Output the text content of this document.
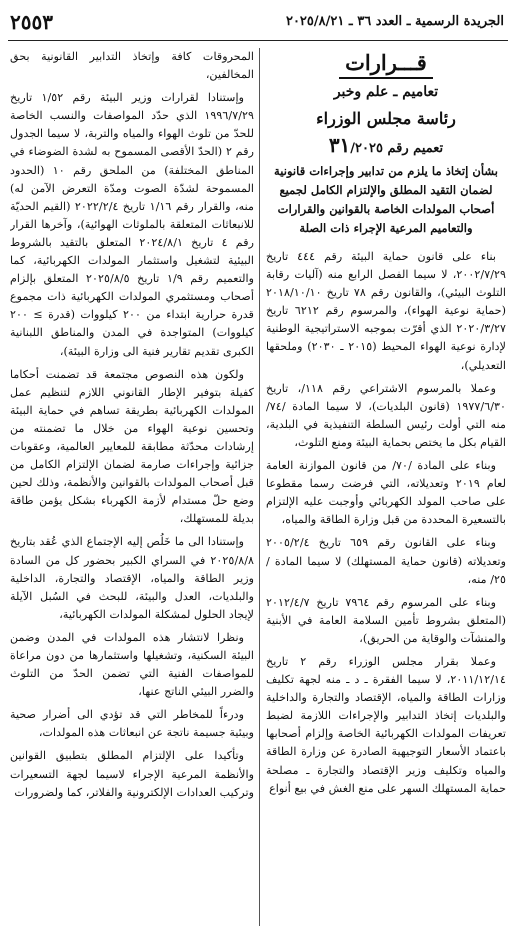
الجريدة الرسمية ـ العدد ٣٦ ـ ٢٠٢٥/٨/٢١
٢٥٥٣
قـــرارات
تعاميم ـ علم وخبر
رئاسة مجلس الوزراء
تعميم رقم ٣١/٢٠٢٥
بشأن إتخاذ ما يلزم من تدابير وإجراءات قانونية لضمان التقيد المطلق والإلتزام الكامل لجميع أصحاب المولدات الخاصة بالقوانين والقرارات والتعاميم المرعية الإجراء ذات الصلة

بناء على قانون حماية البيئة رقم ٤٤٤ تاريخ ٢٠٠٢/٧/٢٩، لا سيما الفصل الرابع منه (آليات رقابة التلوث البيئي)، والقانون رقم ٧٨ تاريخ ٢٠١٨/١٠/١٠ (حماية نوعية الهواء)، والمرسوم رقم ٦٢١٢ تاريخ ٢٠٢٠/٣/٢٧ الذي أقرّت بموجبه الاستراتيجية الوطنية لإدارة نوعية الهواء المحيط (٢٠١٥ ـ ٢٠٣٠) وملحقها التعديلي)،

وعملا بالمرسوم الاشتراعي رقم ١١٨/، تاريخ ١٩٧٧/٦/٣٠ (قانون البلديات)، لا سيما المادة /٧٤/ منه التي أولت رئيس السلطة التنفيذية في البلدية، القيام بكل ما يختص بحماية البيئة ومنع التلوث،

وبناء على المادة /٧٠/ من قانون الموازنة العامة لعام ٢٠١٩ وتعديلاته، التي فرضت رسما مقطوعا على صاحب المولد الكهربائي وأوجبت عليه الإلتزام بالتسعيرة المحددة من قبل وزارة الطاقة والمياه،

وبناء على القانون رقم ٦٥٩ تاريخ ٢٠٠٥/٢/٤ وتعديلاته (قانون حماية المستهلك) لا سيما المادة /٢٥/ منه،

وبناء على المرسوم رقم ٧٩٦٤ تاريخ ٢٠١٢/٤/٧ (المتعلق بشروط تأمين السلامة العامة في الأبنية والمنشآت والوقاية من الحريق)،

وعملا بقرار مجلس الوزراء رقم ٢ تاريخ ٢٠١١/١٢/١٤، لا سيما الفقرة ـ د ـ منه لجهة تكليف وزارات الطاقة والمياه، الإقتصاد والتجارة والداخلية والبلديات إتخاذ التدابير والإجراءات اللازمة لضبط تعريفات المولدات الكهربائية الخاصة وإلزام أصحابها باعتماد الأسعار التوجيهية الصادرة عن وزارة الطاقة والمياه وتكليف وزير الإقتصاد والتجارة ـ مصلحة حماية المستهلك السهر على منع الغش في بيع أنواع

المحروقات كافة وإتخاذ التدابير القانونية بحق المخالفين،

وإستنادا لقرارات وزير البيئة رقم ١/٥٢ تاريخ ١٩٩٦/٧/٢٩ الذي حدّد المواصفات والنسب الخاصة للحدّ من تلوث الهواء والمياه والتربة، لا سيما الجدول رقم ٢ (الحدّ الأقصى المسموح به لشدة الضوضاء في المناطق المختلفة) من الملحق رقم ١٠ (الحدود المسموحة لشدّة الصوت ومدّة التعرض الآمن له) منه، والقرار رقم ١/١٦ تاريخ ٢٠٢٢/٢/٤ (القيم الحديّة للانبعاثات المتعلقة بالملوثات الهوائية)، وآخرها القرار رقم ٤ تاريخ ٢٠٢٤/٨/١ المتعلق بالتقيد بالشروط البيئية لتشغيل واستثمار المولدات الكهربائية، كما والتعميم رقم ١/٩ تاريخ ٢٠٢٥/٨/٥ المتعلق بإلزام أصحاب ومستثمري المولدات الكهربائية ذات مجموع قدرة حرارية ابتداء من ٢٠٠ كيلووات (قدرة ≥ ٢٠٠ كيلووات) المتواجدة في المدن والمناطق اللبنانية الكبرى تقديم تقارير فنية الى وزارة البيئة)،

ولكون هذه النصوص مجتمعة قد تضمنت أحكاما كفيلة بتوفير الإطار القانوني اللازم لتنظيم عمل المولدات الكهربائية بطريقة تساهم في حماية البيئة وتحسين نوعية الهواء من خلال ما تضمنته من إرشادات محدّثة مطابقة للمعايير العالمية، وعقوبات جزائية وإجراءات صارمة لضمان الإلتزام الكامل من قبل أصحاب المولدات بالقوانين والأنظمة، وذلك لحين وضع حلّ مستدام لأزمة الكهرباء بشكل يؤمن طاقة بديلة للمستهلك،

وإستنادا الى ما خَلُص إليه الإجتماع الذي عُقد بتاريخ ٢٠٢٥/٨/٨ في السراي الكبير بحضور كل من السادة وزير الطاقة والمياه، الإقتصاد والتجارة، الداخلية والبلديات، العدل والبيئة، للبحث في السُبل الآيلة لإيجاد الحلول لمشكلة المولدات الكهربائية،

ونظرا لانتشار هذه المولدات في المدن وضمن البيئة السكنية، وتشغيلها واستثمارها من دون مراعاة للمواصفات الفنية التي تضمن الحدّ من التلوث والضرر البيئي الناتج عنها،

ودرءاً للمخاطر التي قد تؤدي الى أضرار صحية وبيئية جسيمة ناتجة عن انبعاثات هذه المولدات،

وتأكيدا على الإلتزام المطلق بتطبيق القوانين والأنظمة المرعية الإجراء لاسيما لجهة التسعيرات وتركيب العدادات الإلكترونية والفلاتر، كما ولضرورات
